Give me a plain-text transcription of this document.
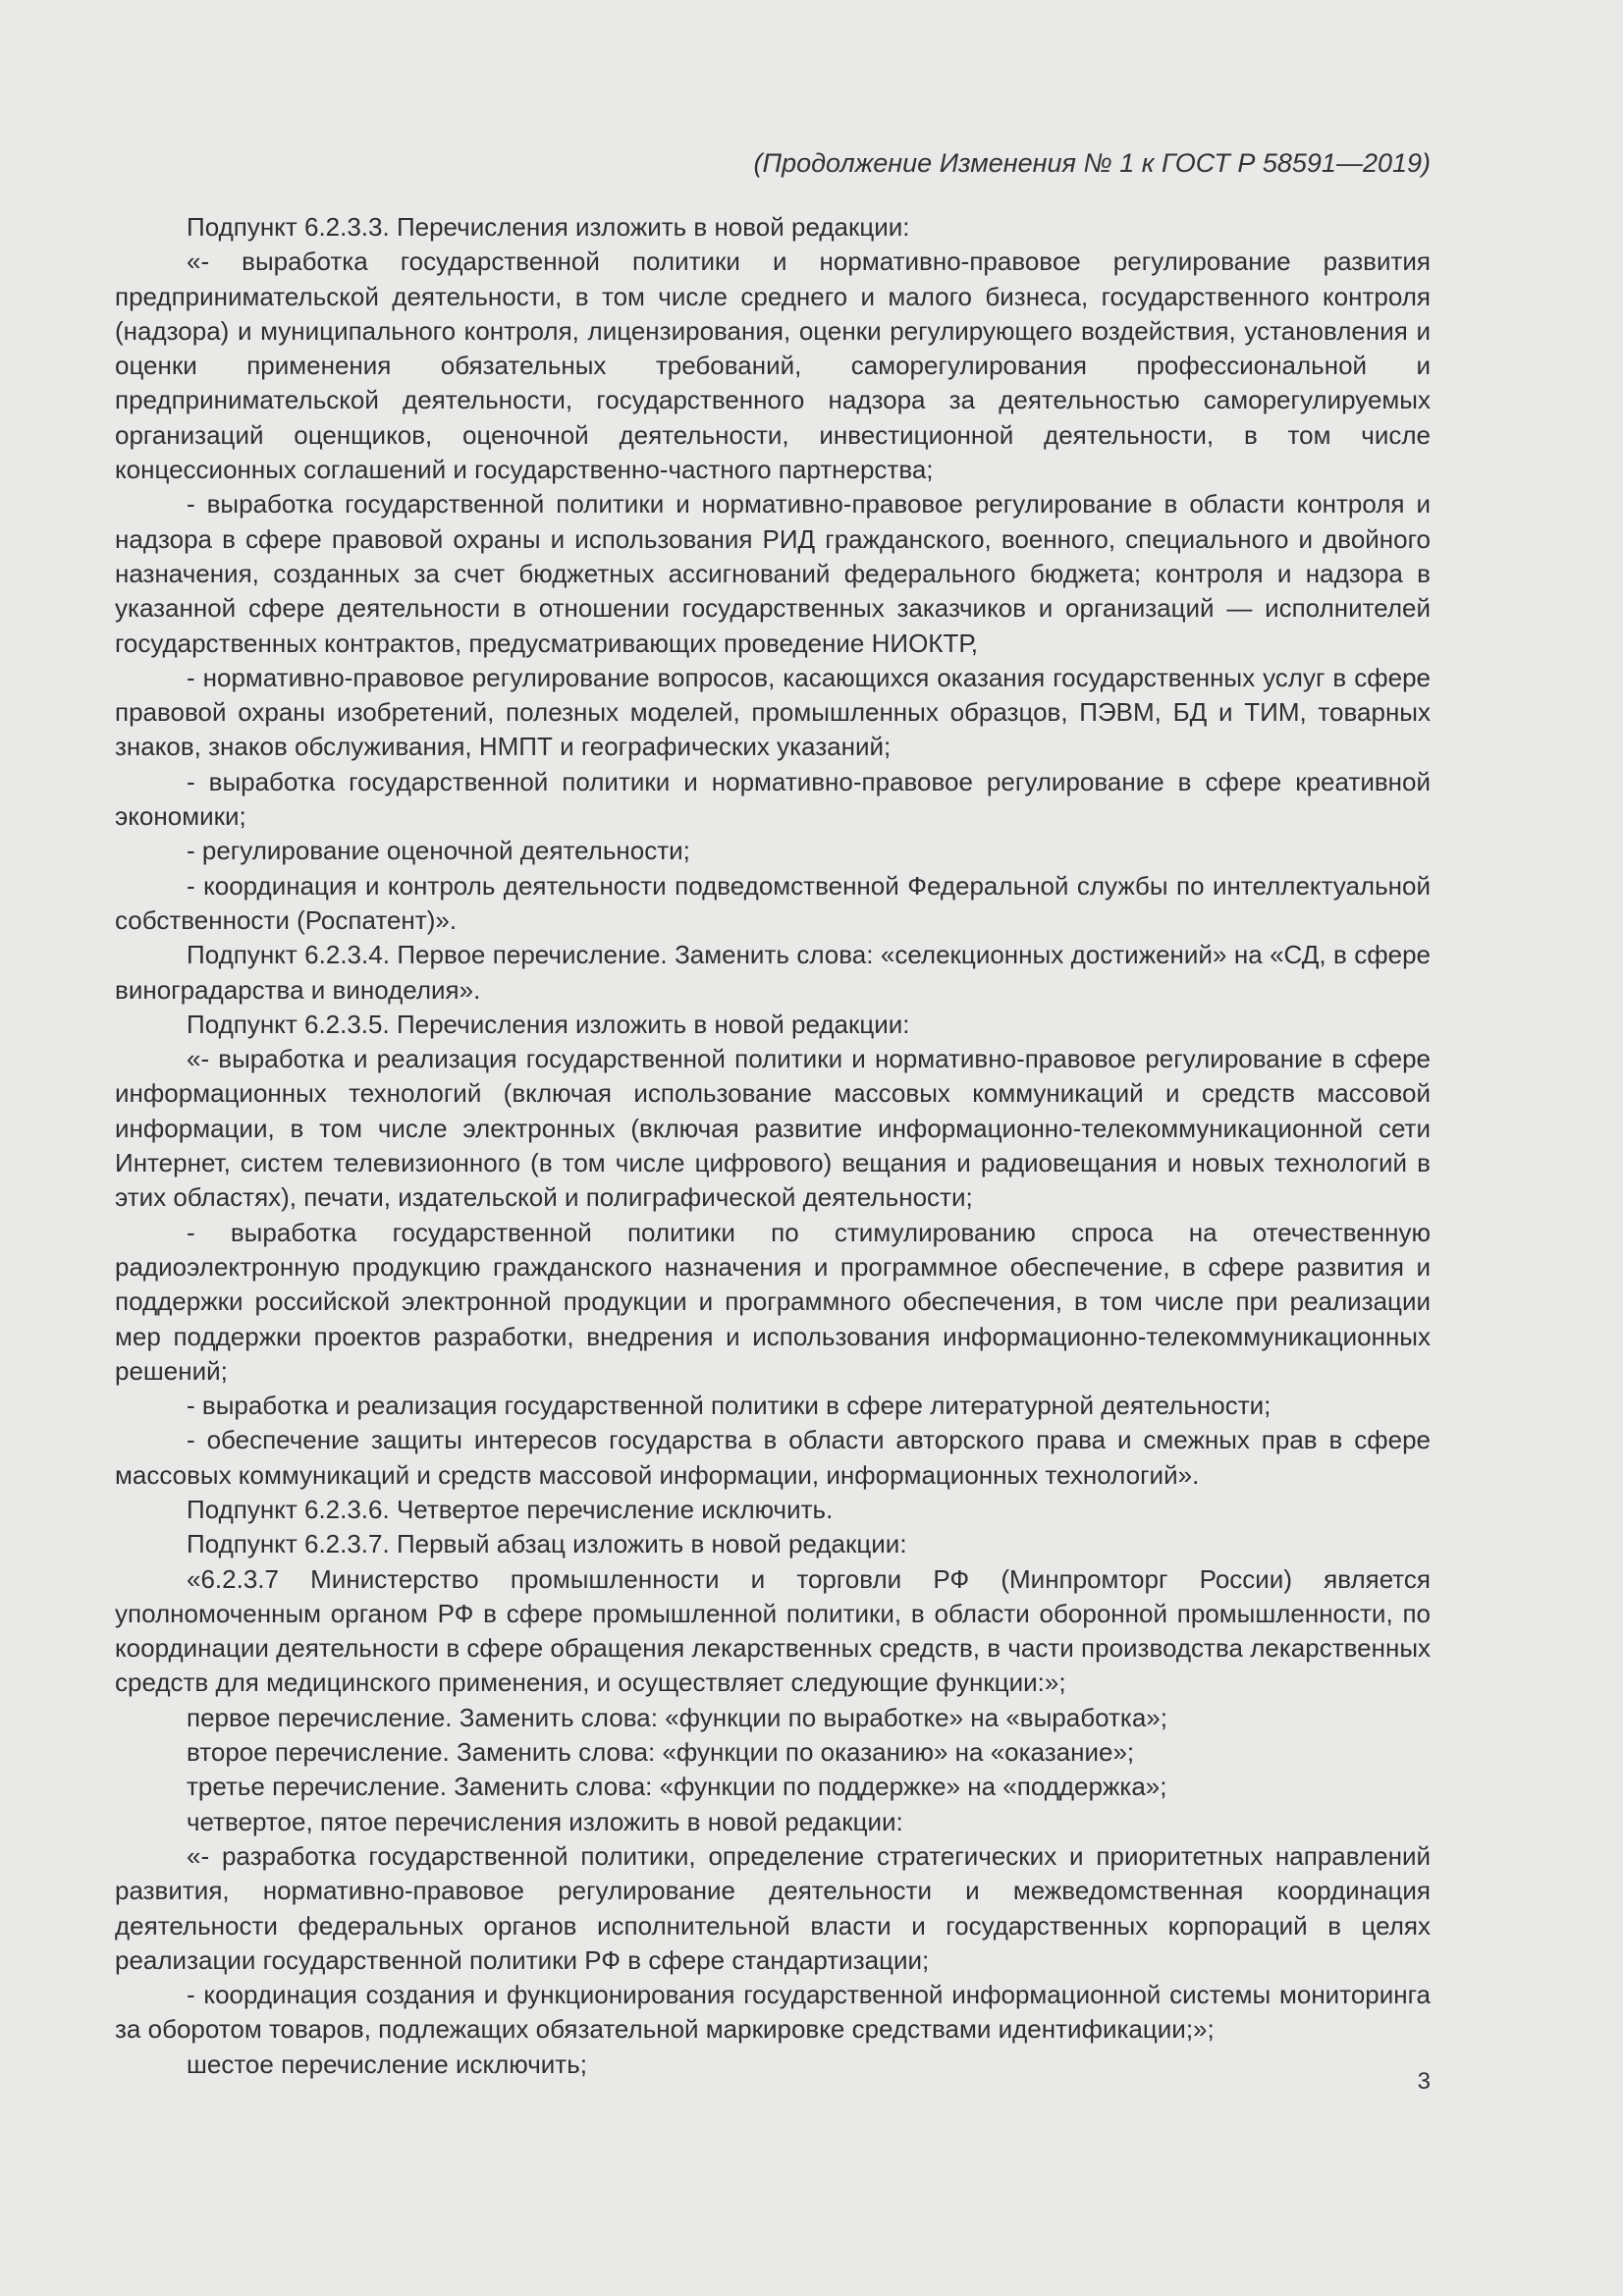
(Продолжение Изменения № 1 к ГОСТ Р 58591—2019)

Подпункт 6.2.3.3. Перечисления изложить в новой редакции:

«- выработка государственной политики и нормативно-правовое регулирование развития предпринимательской деятельности, в том числе среднего и малого бизнеса, государственного контроля (надзора) и муниципального контроля, лицензирования, оценки регулирующего воздействия, установления и оценки применения обязательных требований, саморегулирования профессиональной и предпринимательской деятельности, государственного надзора за деятельностью саморегулируемых организаций оценщиков, оценочной деятельности, инвестиционной деятельности, в том числе концессионных соглашений и государственно-частного партнерства;

- выработка государственной политики и нормативно-правовое регулирование в области контроля и надзора в сфере правовой охраны и использования РИД гражданского, военного, специального и двойного назначения, созданных за счет бюджетных ассигнований федерального бюджета; контроля и надзора в указанной сфере деятельности в отношении государственных заказчиков и организаций — исполнителей государственных контрактов, предусматривающих проведение НИОКТР,

- нормативно-правовое регулирование вопросов, касающихся оказания государственных услуг в сфере правовой охраны изобретений, полезных моделей, промышленных образцов, ПЭВМ, БД и ТИМ, товарных знаков, знаков обслуживания, НМПТ и географических указаний;

- выработка государственной политики и нормативно-правовое регулирование в сфере креативной экономики;

- регулирование оценочной деятельности;

- координация и контроль деятельности подведомственной Федеральной службы по интеллектуальной собственности (Роспатент)».

Подпункт 6.2.3.4. Первое перечисление. Заменить слова: «селекционных достижений» на «СД, в сфере виноградарства и виноделия».

Подпункт 6.2.3.5. Перечисления изложить в новой редакции:

«- выработка и реализация государственной политики и нормативно-правовое регулирование в сфере информационных технологий (включая использование массовых коммуникаций и средств массовой информации, в том числе электронных (включая развитие информационно-телекоммуникационной сети Интернет, систем телевизионного (в том числе цифрового) вещания и радиовещания и новых технологий в этих областях), печати, издательской и полиграфической деятельности;

- выработка государственной политики по стимулированию спроса на отечественную радиоэлектронную продукцию гражданского назначения и программное обеспечение, в сфере развития и поддержки российской электронной продукции и программного обеспечения, в том числе при реализации мер поддержки проектов разработки, внедрения и использования информационно-телекоммуникационных решений;

- выработка и реализация государственной политики в сфере литературной деятельности;

- обеспечение защиты интересов государства в области авторского права и смежных прав в сфере массовых коммуникаций и средств массовой информации, информационных технологий».

Подпункт 6.2.3.6. Четвертое перечисление исключить.

Подпункт 6.2.3.7. Первый абзац изложить в новой редакции:

«6.2.3.7 Министерство промышленности и торговли РФ (Минпромторг России) является уполномоченным органом РФ в сфере промышленной политики, в области оборонной промышленности, по координации деятельности в сфере обращения лекарственных средств, в части производства лекарственных средств для медицинского применения, и осуществляет следующие функции:»;

первое перечисление. Заменить слова: «функции по выработке» на «выработка»;

второе перечисление. Заменить слова: «функции по оказанию» на «оказание»;

третье перечисление. Заменить слова: «функции по поддержке» на «поддержка»;

четвертое, пятое перечисления изложить в новой редакции:

«- разработка государственной политики, определение стратегических и приоритетных направлений развития, нормативно-правовое регулирование деятельности и межведомственная координация деятельности федеральных органов исполнительной власти и государственных корпораций в целях реализации государственной политики РФ в сфере стандартизации;

- координация создания и функционирования государственной информационной системы мониторинга за оборотом товаров, подлежащих обязательной маркировке средствами идентификации;»;

шестое перечисление исключить;

3
